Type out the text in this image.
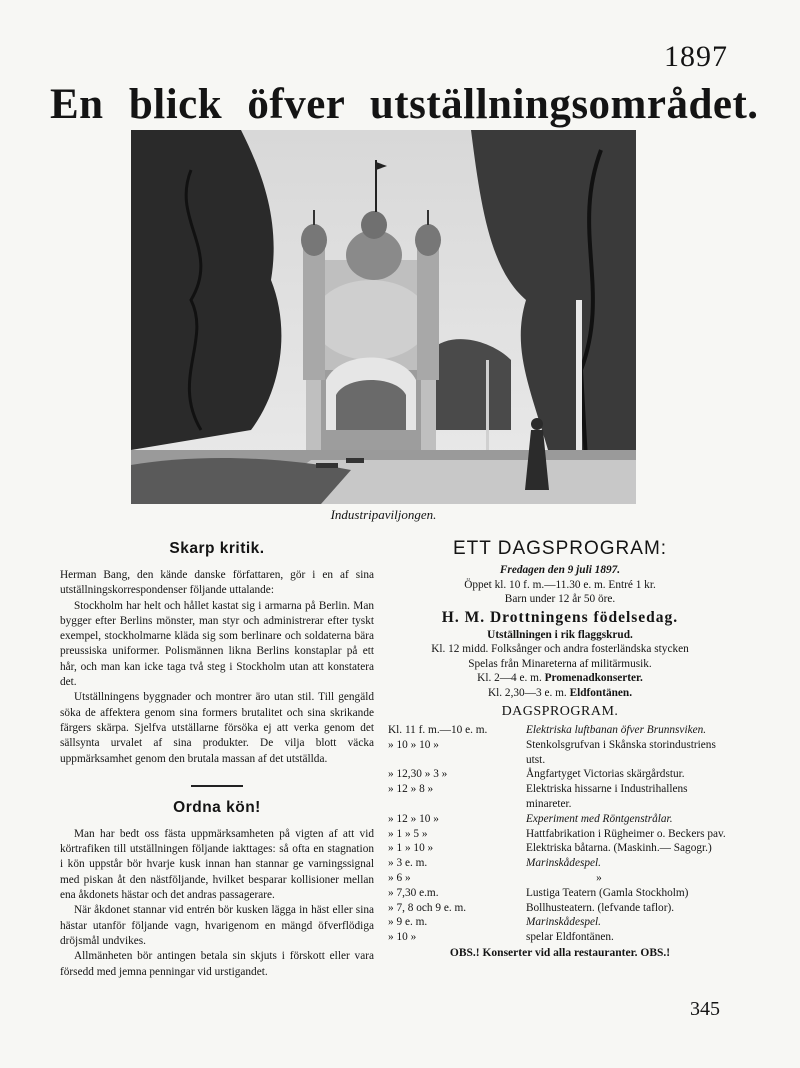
1897
En blick öfver utställningsområdet.
Industripaviljongen.
Skarp kritik.

Herman Bang, den kände danske författaren, gör i en af sina utställningskorrespondenser följande uttalande:

Stockholm har helt och hållet kastat sig i armarna på Berlin. Man bygger efter Berlins mönster, man styr och administrerar efter tyskt exempel, stockholmarne kläda sig som berlinare och soldaterna bära preussiska uniformer. Polismännen likna Berlins konstaplar på ett hår, och man kan icke taga två steg i Stockholm utan att konstatera det.

Utställningens byggnader och montrer äro utan stil. Till gengäld söka de affektera genom sina formers brutalitet och sina skrikande färgers skärpa. Sjelfva utställarne försöka ej att verka genom det sällsynta urvalet af sina produkter. De vilja blott väcka uppmärksamhet genom den brutala massan af det utställda.

Ordna kön!

Man har bedt oss fästa uppmärksamheten på vigten af att vid körtrafiken till utställningen följande iakttages: så ofta en stagnation i kön uppstår bör hvarje kusk innan han stannar ge varningssignal med piskan åt den nästföljande, hvilket besparar kollisioner mellan ena åkdonets hästar och det andras passagerare.

När åkdonet stannar vid entrén bör kusken lägga in häst eller sina hästar utanför följande vagn, hvarigenom en mängd öfverflödiga dröjsmål undvikes.

Allmänheten bör antingen betala sin skjuts i förskott eller vara försedd med jemna penningar vid urstigandet.

ETT DAGSPROGRAM:
Fredagen den 9 juli 1897.
Öppet kl. 10 f. m.—11.30 e. m. Entré 1 kr.
Barn under 12 år 50 öre.
H. M. Drottningens födelsedag.
Utställningen i rik flaggskrud.
Kl. 12 midd. Folksånger och andra fosterländska stycken
Spelas från Minareterna af militärmusik.
Kl. 2—4 e. m. Promenadkonserter.
Kl. 2,30—3 e. m. Eldfontänen.
DAGSPROGRAM.
Kl. 11 f. m.—10 e. m.	Elektriska luftbanan öfver Brunnsviken.
» 10 » 10 »	Stenkolsgrufvan i Skånska storindustriens utst.
» 12,30 » 3 »	Ångfartyget Victorias skärgårdstur.
» 12 » 8 »	Elektriska hissarne i Industrihallens minareter.
» 12 » 10 »	Experiment med Röntgenstrålar.
» 1 » 5 »	Hattfabrikation i Rügheimer o. Beckers pav.
» 1 » 10 »	Elektriska båtarna. (Maskinh.— Sagogr.)
» 3 e. m.	Marinskådespel.
» 6 »	»
» 7,30 e.m.	Lustiga Teatern (Gamla Stockholm)
» 7, 8 och 9 e. m.	Bollhusteatern. (lefvande taflor).
» 9 e. m.	Marinskådespel.
» 10 »	spelar Eldfontänen.
OBS.! Konserter vid alla restauranter. OBS.!
345
